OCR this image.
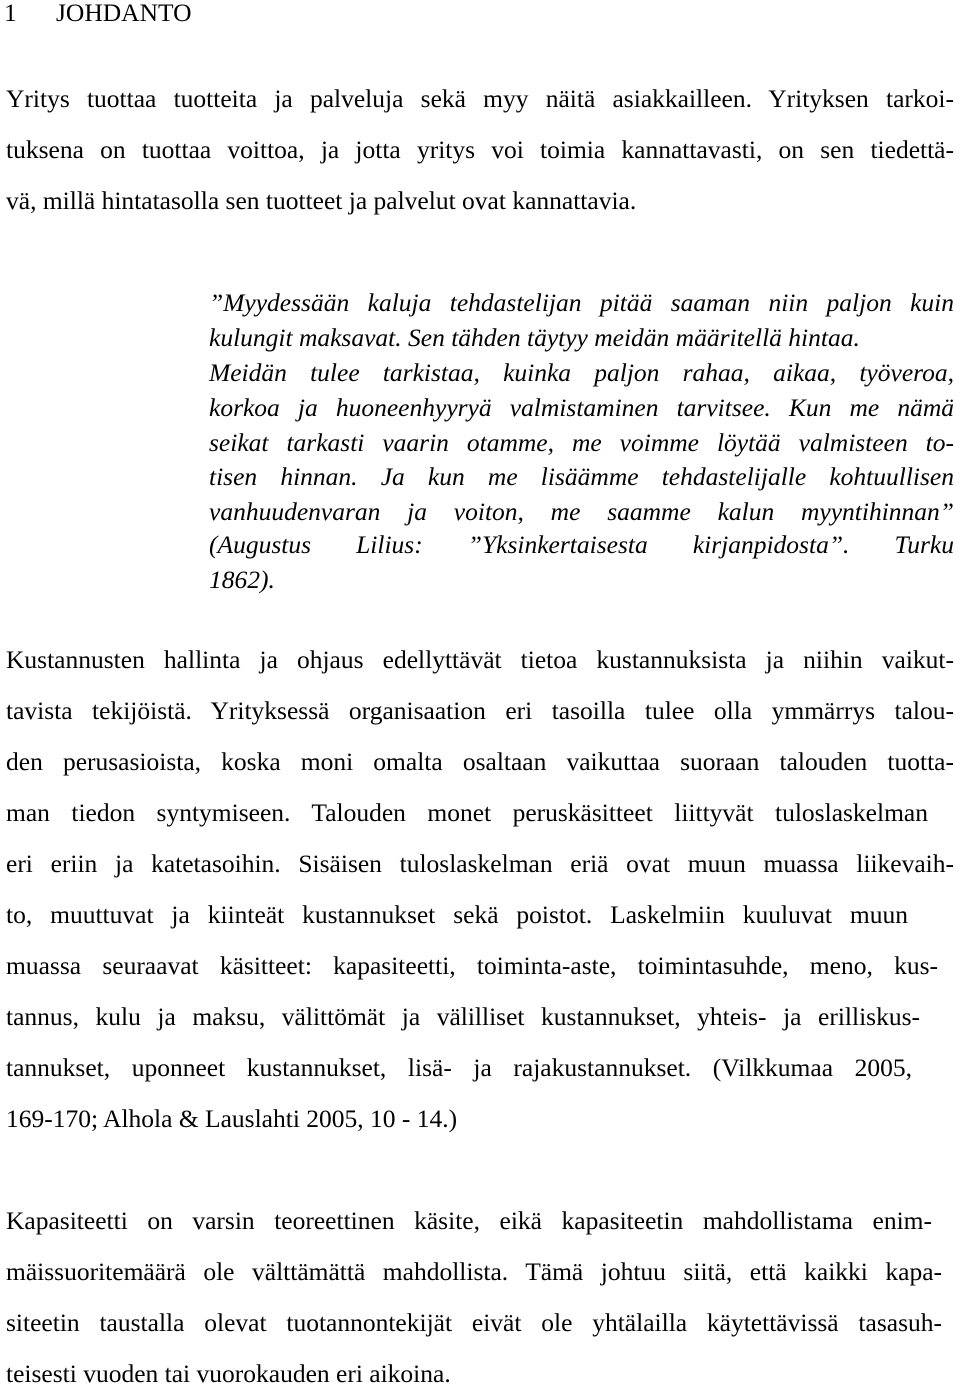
1 JOHDANTO
Yritys tuottaa tuotteita ja palveluja sekä myy näitä asiakkailleen. Yrityksen tarkoi-
tuksena on tuottaa voittoa, ja jotta yritys voi toimia kannattavasti, on sen tiedettä-
vä, millä hintatasolla sen tuotteet ja palvelut ovat kannattavia.
”Myydessään kaluja tehdastelijan pitää saaman niin paljon kuin
kulungit maksavat. Sen tähden täytyy meidän määritellä hintaa.
Meidän tulee tarkistaa, kuinka paljon rahaa, aikaa, työveroa,
korkoa ja huoneenhyyryä valmistaminen tarvitsee. Kun me nämä
seikat tarkasti vaarin otamme, me voimme löytää valmisteen to-
tisen hinnan. Ja kun me lisäämme tehdastelijalle kohtuullisen
vanhuudenvaran ja voiton, me saamme kalun myyntihinnan”
(Augustus Lilius: ”Yksinkertaisesta kirjanpidosta”. Turku
1862).
Kustannusten hallinta ja ohjaus edellyttävät tietoa kustannuksista ja niihin vaikut-
tavista tekijöistä. Yrityksessä organisaation eri tasoilla tulee olla ymmärrys talou-
den perusasioista, koska moni omalta osaltaan vaikuttaa suoraan talouden tuotta-
man tiedon syntymiseen. Talouden monet peruskäsitteet liittyvät tuloslaskelman
eri eriin ja katetasoihin. Sisäisen tuloslaskelman eriä ovat muun muassa liikevaih-
to, muuttuvat ja kiinteät kustannukset sekä poistot. Laskelmiin kuuluvat muun
muassa seuraavat käsitteet: kapasiteetti, toiminta-aste, toimintasuhde, meno, kus-
tannus, kulu ja maksu, välittömät ja välilliset kustannukset, yhteis- ja erilliskus-
tannukset, uponneet kustannukset, lisä- ja rajakustannukset. (Vilkkumaa 2005,
169-170; Alhola & Lauslahti 2005, 10 - 14.)
Kapasiteetti on varsin teoreettinen käsite, eikä kapasiteetin mahdollistama enim-
mäissuoritemäärä ole välttämättä mahdollista. Tämä johtuu siitä, että kaikki kapa-
siteetin taustalla olevat tuotannontekijät eivät ole yhtälailla käytettävissä tasasuh-
teisesti vuoden tai vuorokauden eri aikoina.
